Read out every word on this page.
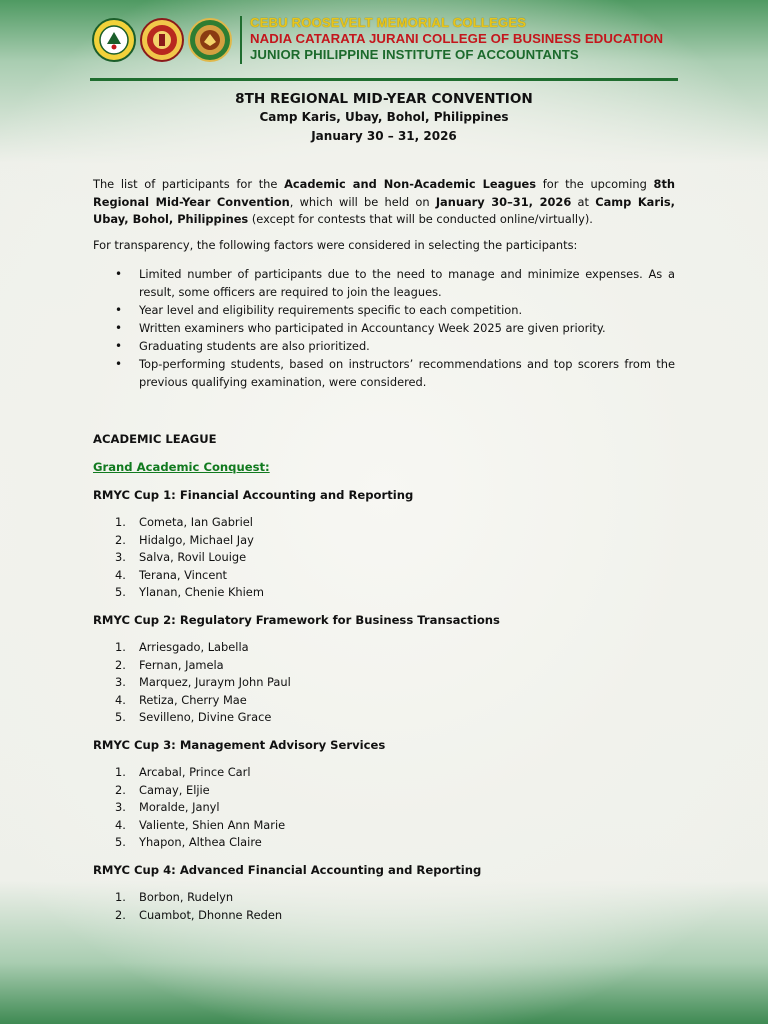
CEBU ROOSEVELT MEMORIAL COLLEGES
NADIA CATARATA JURANI COLLEGE OF BUSINESS EDUCATION
JUNIOR PHILIPPINE INSTITUTE OF ACCOUNTANTS
8TH REGIONAL MID-YEAR CONVENTION
Camp Karis, Ubay, Bohol, Philippines
January 30 – 31, 2026
The list of participants for the Academic and Non-Academic Leagues for the upcoming 8th Regional Mid-Year Convention, which will be held on January 30–31, 2026 at Camp Karis, Ubay, Bohol, Philippines (except for contests that will be conducted online/virtually).
For transparency, the following factors were considered in selecting the participants:
• Limited number of participants due to the need to manage and minimize expenses. As a result, some officers are required to join the leagues.
• Year level and eligibility requirements specific to each competition.
• Written examiners who participated in Accountancy Week 2025 are given priority.
• Graduating students are also prioritized.
• Top-performing students, based on instructors’ recommendations and top scorers from the previous qualifying examination, were considered.
ACADEMIC LEAGUE
Grand Academic Conquest:
RMYC Cup 1: Financial Accounting and Reporting
1.	Cometa, Ian Gabriel
2.	Hidalgo, Michael Jay
3.	Salva, Rovil Louige
4.	Terana, Vincent
5.	Ylanan, Chenie Khiem
RMYC Cup 2: Regulatory Framework for Business Transactions
1.	Arriesgado, Labella
2.	Fernan, Jamela
3.	Marquez, Juraym John Paul
4.	Retiza, Cherry Mae
5.	Sevilleno, Divine Grace
RMYC Cup 3: Management Advisory Services
1.	Arcabal, Prince Carl
2.	Camay, Eljie
3.	Moralde, Janyl
4.	Valiente, Shien Ann Marie
5.	Yhapon, Althea Claire
RMYC Cup 4: Advanced Financial Accounting and Reporting
1.	Borbon, Rudelyn
2.	Cuambot, Dhonne Reden
